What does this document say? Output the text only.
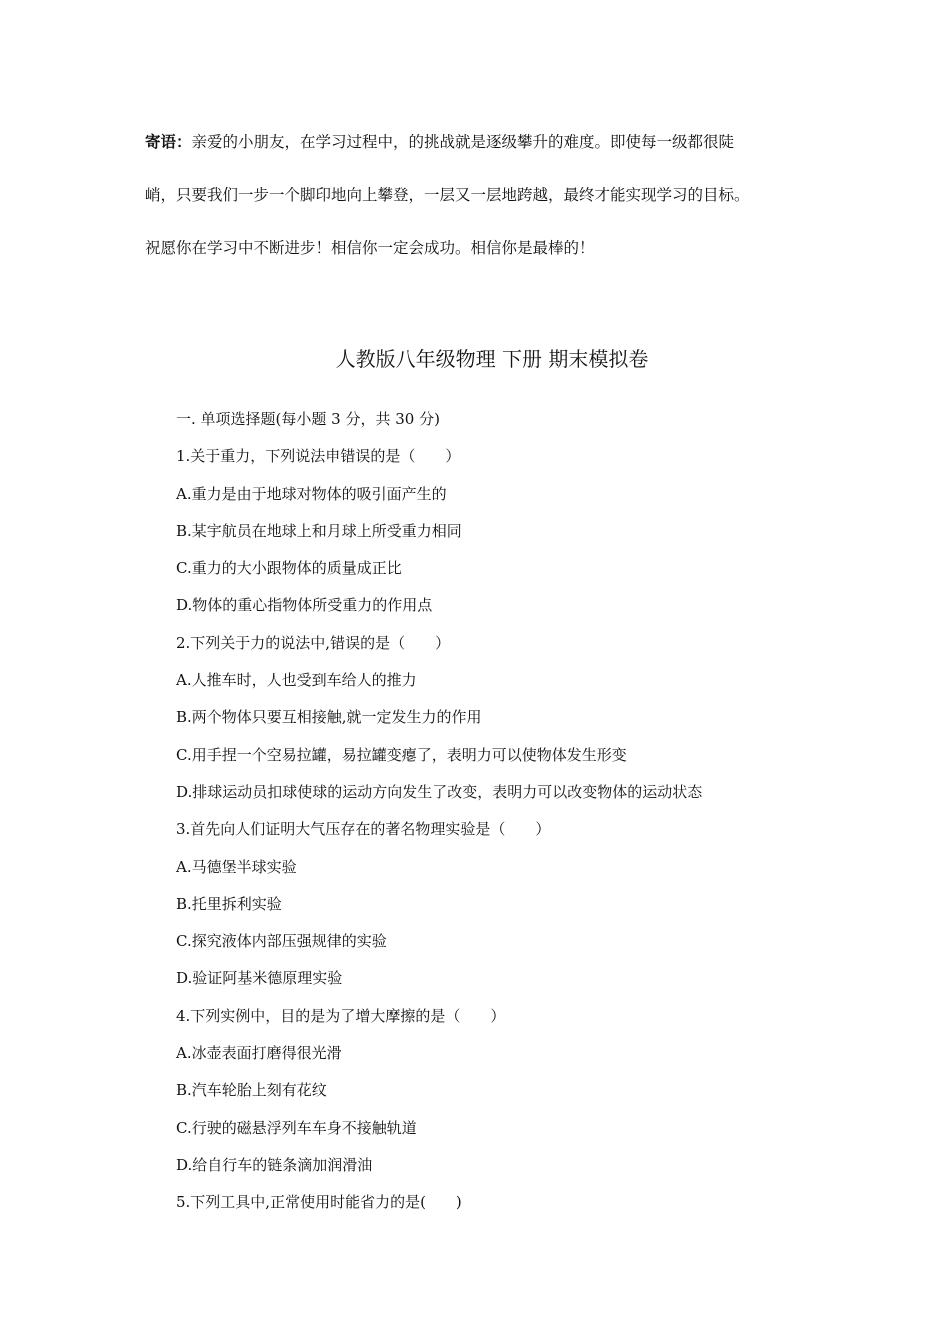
寄语：亲爱的小朋友，在学习过程中，的挑战就是逐级攀升的难度。即使每一级都很陡
峭，只要我们一步一个脚印地向上攀登，一层又一层地跨越，最终才能实现学习的目标。
祝愿你在学习中不断进步！相信你一定会成功。相信你是最棒的！
人教版八年级物理 下册 期末模拟卷
一. 单项选择题(每小题 3 分，共 30 分)
1.关于重力，下列说法申错误的是（　　）
A.重力是由于地球对物体的吸引面产生的
B.某宇航员在地球上和月球上所受重力相同
C.重力的大小跟物体的质量成正比
D.物体的重心指物体所受重力的作用点
2.下列关于力的说法中,错误的是（　　）
A.人推车时，人也受到车给人的推力
B.两个物体只要互相接触,就一定发生力的作用
C.用手捏一个空易拉罐，易拉罐变瘪了，表明力可以使物体发生形变
D.排球运动员扣球使球的运动方向发生了改变，表明力可以改变物体的运动状态
3.首先向人们证明大气压存在的著名物理实验是（　　）
A.马德堡半球实验
B.托里拆利实验
C.探究液体内部压强规律的实验
D.验证阿基米德原理实验
4.下列实例中，目的是为了增大摩擦的是（　　）
A.冰壶表面打磨得很光滑
B.汽车轮胎上刻有花纹
C.行驶的磁悬浮列车车身不接触轨道
D.给自行车的链条滴加润滑油
5.下列工具中,正常使用时能省力的是(　　)
